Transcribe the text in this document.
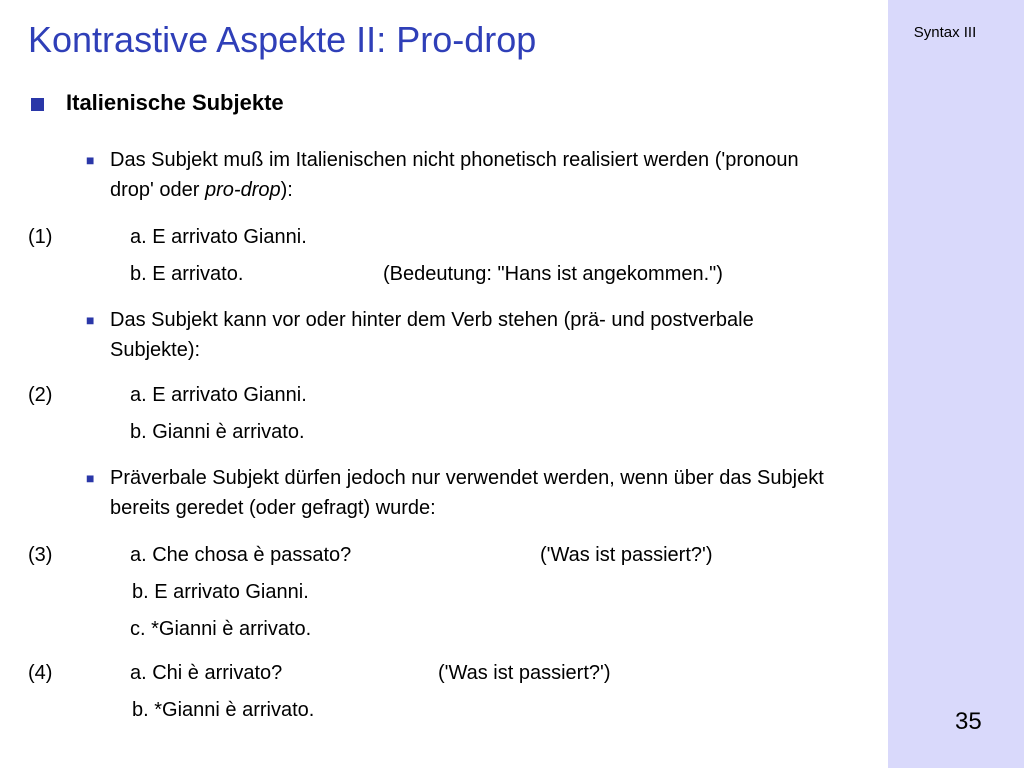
Syntax III
35
Kontrastive Aspekte II: Pro-drop
Italienische Subjekte
■ Das Subjekt muß im Italienischen nicht phonetisch realisiert werden ('pronoun drop' oder pro-drop):
(1)	a. E arrivato Gianni.
b. E arrivato.	(Bedeutung: "Hans ist angekommen.")
■ Das Subjekt kann vor oder hinter dem Verb stehen (prä- und postverbale Subjekte):
(2)	a. E arrivato Gianni.
b. Gianni è arrivato.
■ Präverbale Subjekt dürfen jedoch nur verwendet werden, wenn über das Subjekt bereits geredet (oder gefragt) wurde:
(3)	a. Che chosa è passato?	('Was ist passiert?')
b. E arrivato Gianni.
c. *Gianni è arrivato.
(4)	a. Chi è arrivato?	('Was ist passiert?')
b. *Gianni è arrivato.
